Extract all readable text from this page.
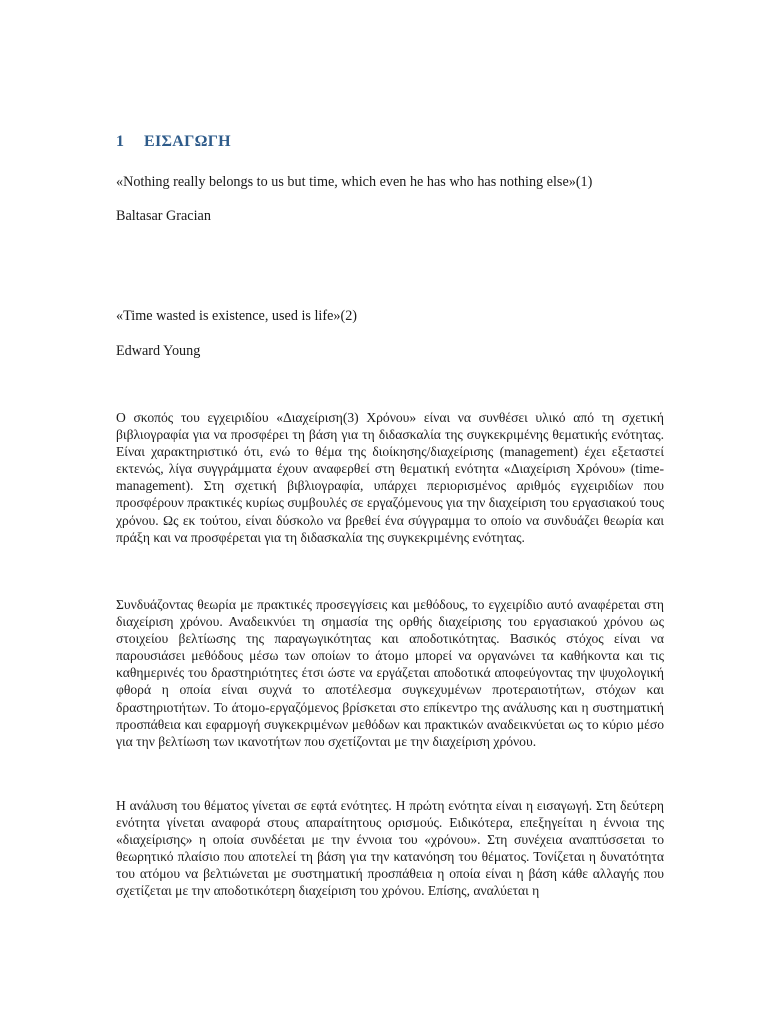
1 ΕΙΣΑΓΩΓΗ
«Nothing really belongs to us but time, which even he has who has nothing else»(1)
Baltasar Gracian
«Time wasted is existence, used is life»(2)
Edward Young

Ο σκοπός του εγχειριδίου «Διαχείριση(3) Χρόνου» είναι να συνθέσει υλικό από τη σχετική βιβλιογραφία για να προσφέρει τη βάση για τη διδασκαλία της συγκεκριμένης θεματικής ενότητας. Είναι χαρακτηριστικό ότι, ενώ το θέμα της διοίκησης/διαχείρισης (management) έχει εξεταστεί εκτενώς, λίγα συγγράμματα έχουν αναφερθεί στη θεματική ενότητα «Διαχείριση Χρόνου» (time-management). Στη σχετική βιβλιογραφία, υπάρχει περιορισμένος αριθμός εγχειριδίων που προσφέρουν πρακτικές κυρίως συμβουλές σε εργαζόμενους για την διαχείριση του εργασιακού τους χρόνου. Ως εκ τούτου, είναι δύσκολο να βρεθεί ένα σύγγραμμα το οποίο να συνδυάζει θεωρία και πράξη και να προσφέρεται για τη διδασκαλία της συγκεκριμένης ενότητας.

Συνδυάζοντας θεωρία με πρακτικές προσεγγίσεις και μεθόδους, το εγχειρίδιο αυτό αναφέρεται στη διαχείριση χρόνου. Αναδεικνύει τη σημασία της ορθής διαχείρισης του εργασιακού χρόνου ως στοιχείου βελτίωσης της παραγωγικότητας και αποδοτικότητας. Βασικός στόχος είναι να παρουσιάσει μεθόδους μέσω των οποίων το άτομο μπορεί να οργανώνει τα καθήκοντα και τις καθημερινές του δραστηριότητες έτσι ώστε να εργάζεται αποδοτικά αποφεύγοντας την ψυχολογική φθορά η οποία είναι συχνά το αποτέλεσμα συγκεχυμένων προτεραιοτήτων, στόχων και δραστηριοτήτων. Το άτομο-εργαζόμενος βρίσκεται στο επίκεντρο της ανάλυσης και η συστηματική προσπάθεια και εφαρμογή συγκεκριμένων μεθόδων και πρακτικών αναδεικνύεται ως το κύριο μέσο για την βελτίωση των ικανοτήτων που σχετίζονται με την διαχείριση χρόνου.

Η ανάλυση του θέματος γίνεται σε εφτά ενότητες. Η πρώτη ενότητα είναι η εισαγωγή. Στη δεύτερη ενότητα γίνεται αναφορά στους απαραίτητους ορισμούς. Ειδικότερα, επεξηγείται η έννοια της «διαχείρισης» η οποία συνδέεται με την έννοια του «χρόνου». Στη συνέχεια αναπτύσσεται το θεωρητικό πλαίσιο που αποτελεί τη βάση για την κατανόηση του θέματος. Τονίζεται η δυνατότητα του ατόμου να βελτιώνεται με συστηματική προσπάθεια η οποία είναι η βάση κάθε αλλαγής που σχετίζεται με την αποδοτικότερη διαχείριση του χρόνου. Επίσης, αναλύεται η
